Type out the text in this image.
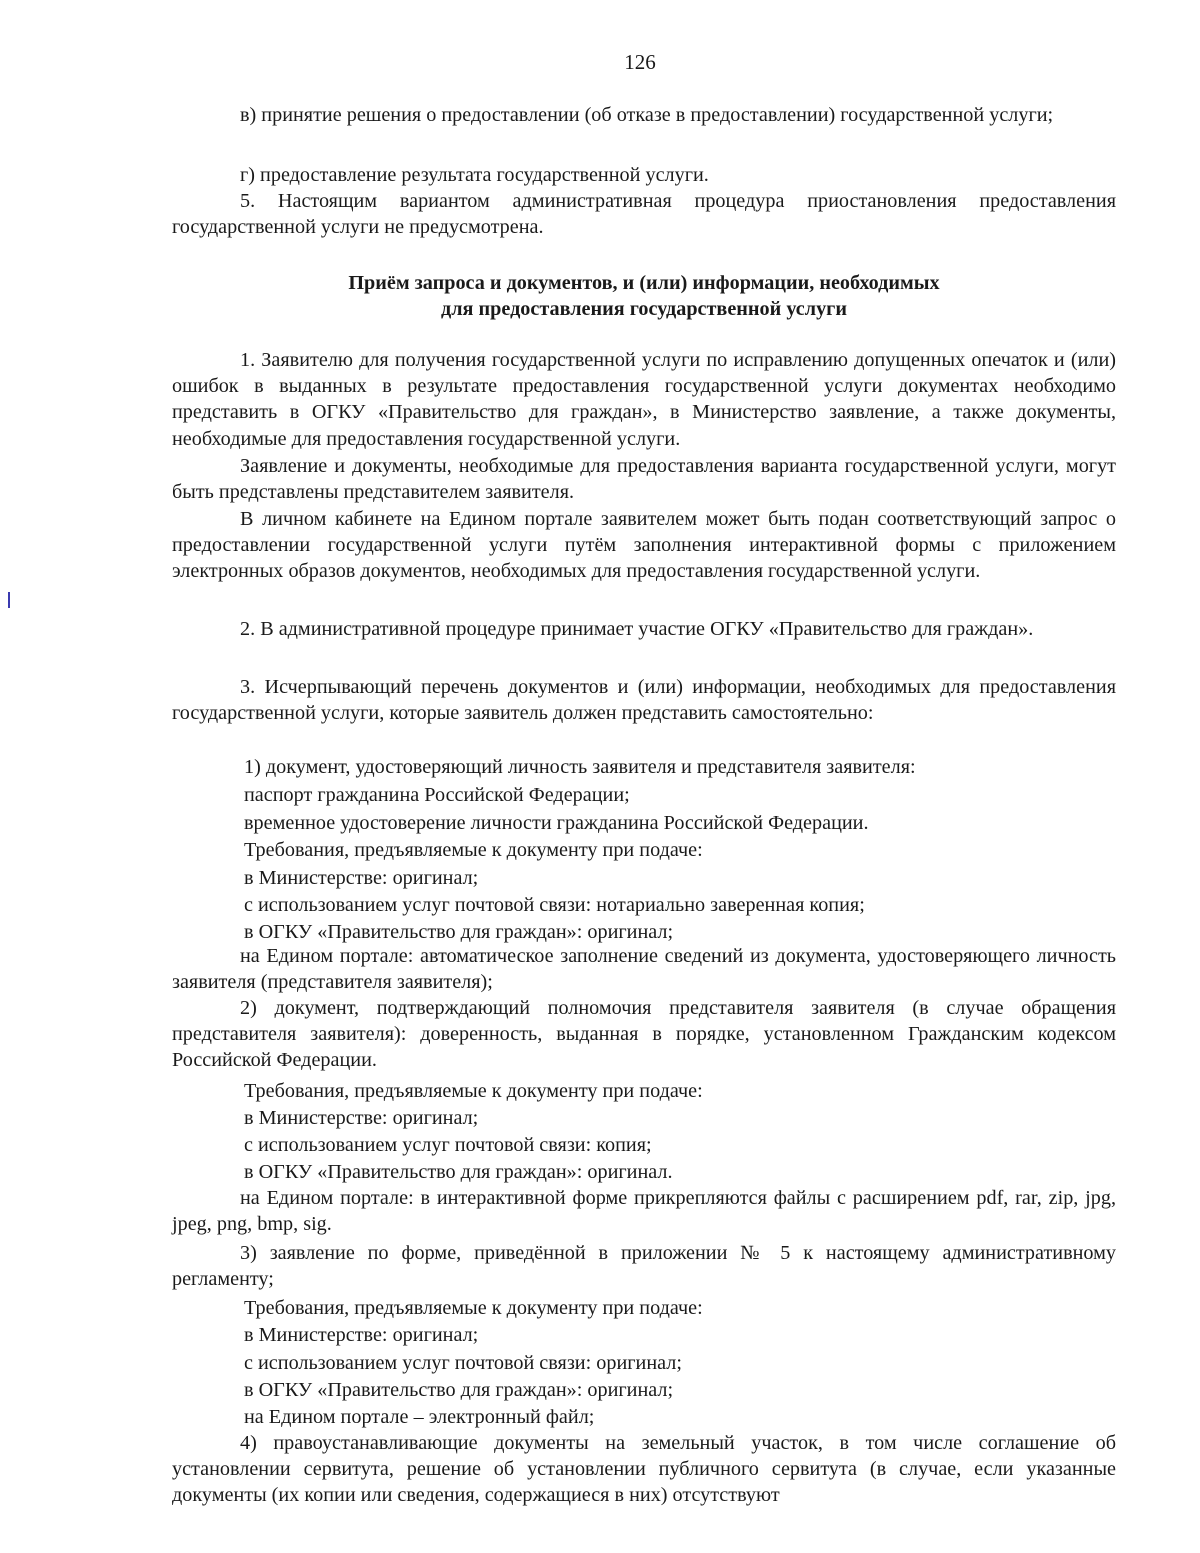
126

в) принятие решения о предоставлении (об отказе в предоставлении) государственной услуги;

г) предоставление результата государственной услуги.

5. Настоящим вариантом административная процедура приостановления предоставления государственной услуги не предусмотрена.

Приём запроса и документов, и (или) информации, необходимых

для предоставления государственной услуги

1. Заявителю для получения государственной услуги по исправлению допущенных опечаток и (или) ошибок в выданных в результате предоставления государственной услуги документах необходимо представить в ОГКУ «Правительство для граждан», в Министерство заявление, а также документы, необходимые для предоставления государственной услуги.

Заявление и документы, необходимые для предоставления варианта государственной услуги, могут быть представлены представителем заявителя.

В личном кабинете на Едином портале заявителем может быть подан соответствующий запрос о предоставлении государственной услуги путём заполнения интерактивной формы с приложением электронных образов документов, необходимых для предоставления государственной услуги.

2. В административной процедуре принимает участие ОГКУ «Правительство для граждан».

3. Исчерпывающий перечень документов и (или) информации, необходимых для предоставления государственной услуги, которые заявитель должен представить самостоятельно:

1) документ, удостоверяющий личность заявителя и представителя заявителя:

паспорт гражданина Российской Федерации;

временное удостоверение личности гражданина Российской Федерации.

Требования, предъявляемые к документу при подаче:

в Министерстве: оригинал;

с использованием услуг почтовой связи: нотариально заверенная копия;

в ОГКУ «Правительство для граждан»: оригинал;

на Едином портале: автоматическое заполнение сведений из документа, удостоверяющего личность заявителя (представителя заявителя);

2) документ, подтверждающий полномочия представителя заявителя (в случае обращения представителя заявителя): доверенность, выданная в порядке, установленном Гражданским кодексом Российской Федерации.

Требования, предъявляемые к документу при подаче:

в Министерстве: оригинал;

с использованием услуг почтовой связи: копия;

в ОГКУ «Правительство для граждан»: оригинал.

на Едином портале: в интерактивной форме прикрепляются файлы с расширением pdf, rar, zip, jpg, jpeg, png, bmp, sig.

3) заявление по форме, приведённой в приложении № 5 к настоящему административному регламенту;

Требования, предъявляемые к документу при подаче:

в Министерстве: оригинал;

с использованием услуг почтовой связи: оригинал;

в ОГКУ «Правительство для граждан»: оригинал;

на Едином портале – электронный файл;

4) правоустанавливающие документы на земельный участок, в том числе соглашение об установлении сервитута, решение об установлении публичного сервитута (в случае, если указанные документы (их копии или сведения, содержащиеся в них) отсутствуют
